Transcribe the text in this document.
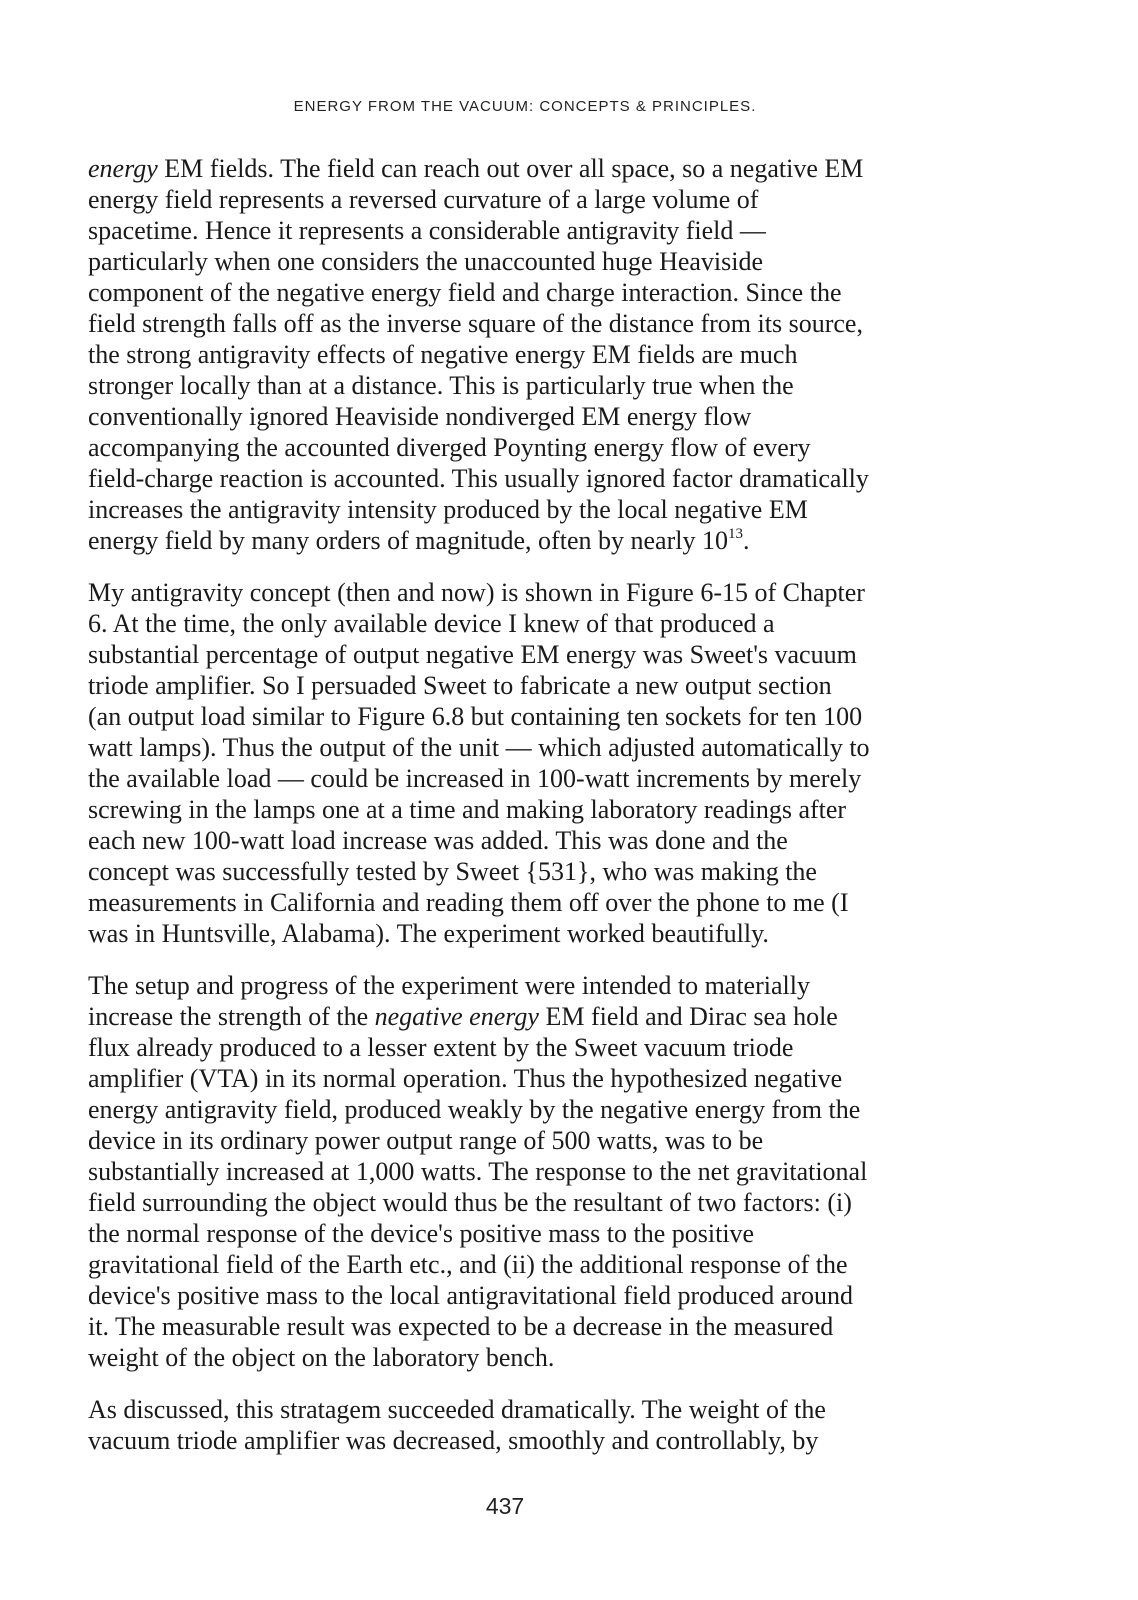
ENERGY FROM THE VACUUM: CONCEPTS & PRINCIPLES.

energy EM fields. The field can reach out over all space, so a negative EM
energy field represents a reversed curvature of a large volume of
spacetime. Hence it represents a considerable antigravity field —
particularly when one considers the unaccounted huge Heaviside
component of the negative energy field and charge interaction. Since the
field strength falls off as the inverse square of the distance from its source,
the strong antigravity effects of negative energy EM fields are much
stronger locally than at a distance. This is particularly true when the
conventionally ignored Heaviside nondiverged EM energy flow
accompanying the accounted diverged Poynting energy flow of every
field-charge reaction is accounted. This usually ignored factor dramatically
increases the antigravity intensity produced by the local negative EM
energy field by many orders of magnitude, often by nearly $10^{13}$.

My antigravity concept (then and now) is shown in Figure 6-15 of Chapter
6. At the time, the only available device I knew of that produced a
substantial percentage of output negative EM energy was Sweet's vacuum
triode amplifier. So I persuaded Sweet to fabricate a new output section
(an output load similar to Figure 6.8 but containing ten sockets for ten 100
watt lamps). Thus the output of the unit — which adjusted automatically to
the available load — could be increased in 100-watt increments by merely
screwing in the lamps one at a time and making laboratory readings after
each new 100-watt load increase was added. This was done and the
concept was successfully tested by Sweet {531}, who was making the
measurements in California and reading them off over the phone to me (I
was in Huntsville, Alabama). The experiment worked beautifully.

The setup and progress of the experiment were intended to materially
increase the strength of the negative energy EM field and Dirac sea hole
flux already produced to a lesser extent by the Sweet vacuum triode
amplifier (VTA) in its normal operation. Thus the hypothesized negative
energy antigravity field, produced weakly by the negative energy from the
device in its ordinary power output range of 500 watts, was to be
substantially increased at 1,000 watts. The response to the net gravitational
field surrounding the object would thus be the resultant of two factors: (i)
the normal response of the device's positive mass to the positive
gravitational field of the Earth etc., and (ii) the additional response of the
device's positive mass to the local antigravitational field produced around
it. The measurable result was expected to be a decrease in the measured
weight of the object on the laboratory bench.

As discussed, this stratagem succeeded dramatically. The weight of the
vacuum triode amplifier was decreased, smoothly and controllably, by

437
